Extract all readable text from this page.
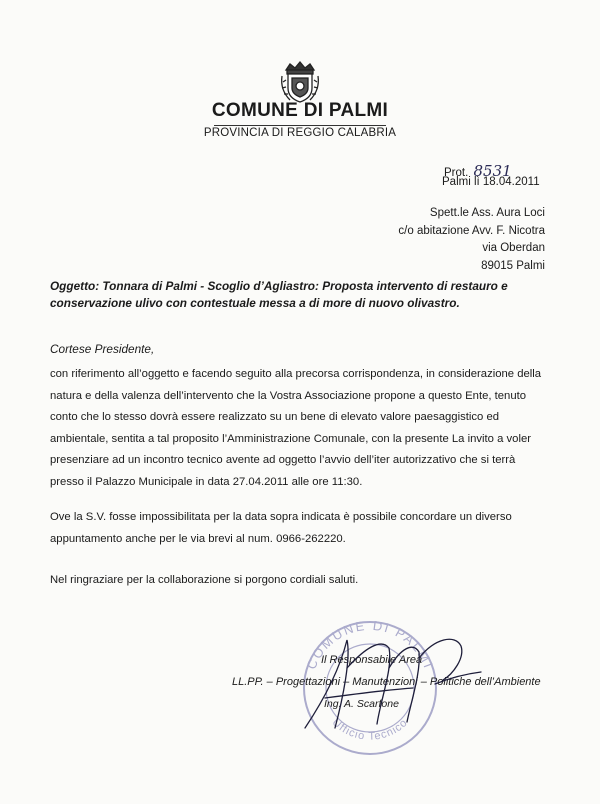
COMUNE DI PALMI
PROVINCIA DI REGGIO CALABRIA
Prot. 8531
Palmi lì 18.04.2011
Spett.le Ass. Aura Loci
c/o abitazione Avv. F. Nicotra
via Oberdan
89015 Palmi
Oggetto: Tonnara di Palmi - Scoglio d’Agliastro: Proposta intervento di restauro e conservazione ulivo con contestuale messa a di more di nuovo olivastro.
Cortese Presidente,
con riferimento all’oggetto e facendo seguito alla precorsa corrispondenza, in considerazione della natura e della valenza dell’intervento che la Vostra Associazione propone a questo Ente, tenuto conto che lo stesso dovrà essere realizzato su un bene di elevato valore paesaggistico ed ambientale, sentita a tal proposito l’Amministrazione Comunale, con la presente La invito a voler presenziare ad un incontro tecnico avente ad oggetto l’avvio dell’iter autorizzativo che si terrà presso il Palazzo Municipale in data 27.04.2011 alle ore 11:30.
Ove la S.V. fosse impossibilitata per la data sopra indicata è possibile concordare un diverso appuntamento anche per le via brevi al num. 0966-262220.
Nel ringraziare per la collaborazione si porgono cordiali saluti.
COMUNE DI PALMI
Ufficio Tecnico
Il Responsabile Area
LL.PP. – Progettazioni – Manutenzioni – Politiche dell’Ambiente
Ing. A. Scarfone
